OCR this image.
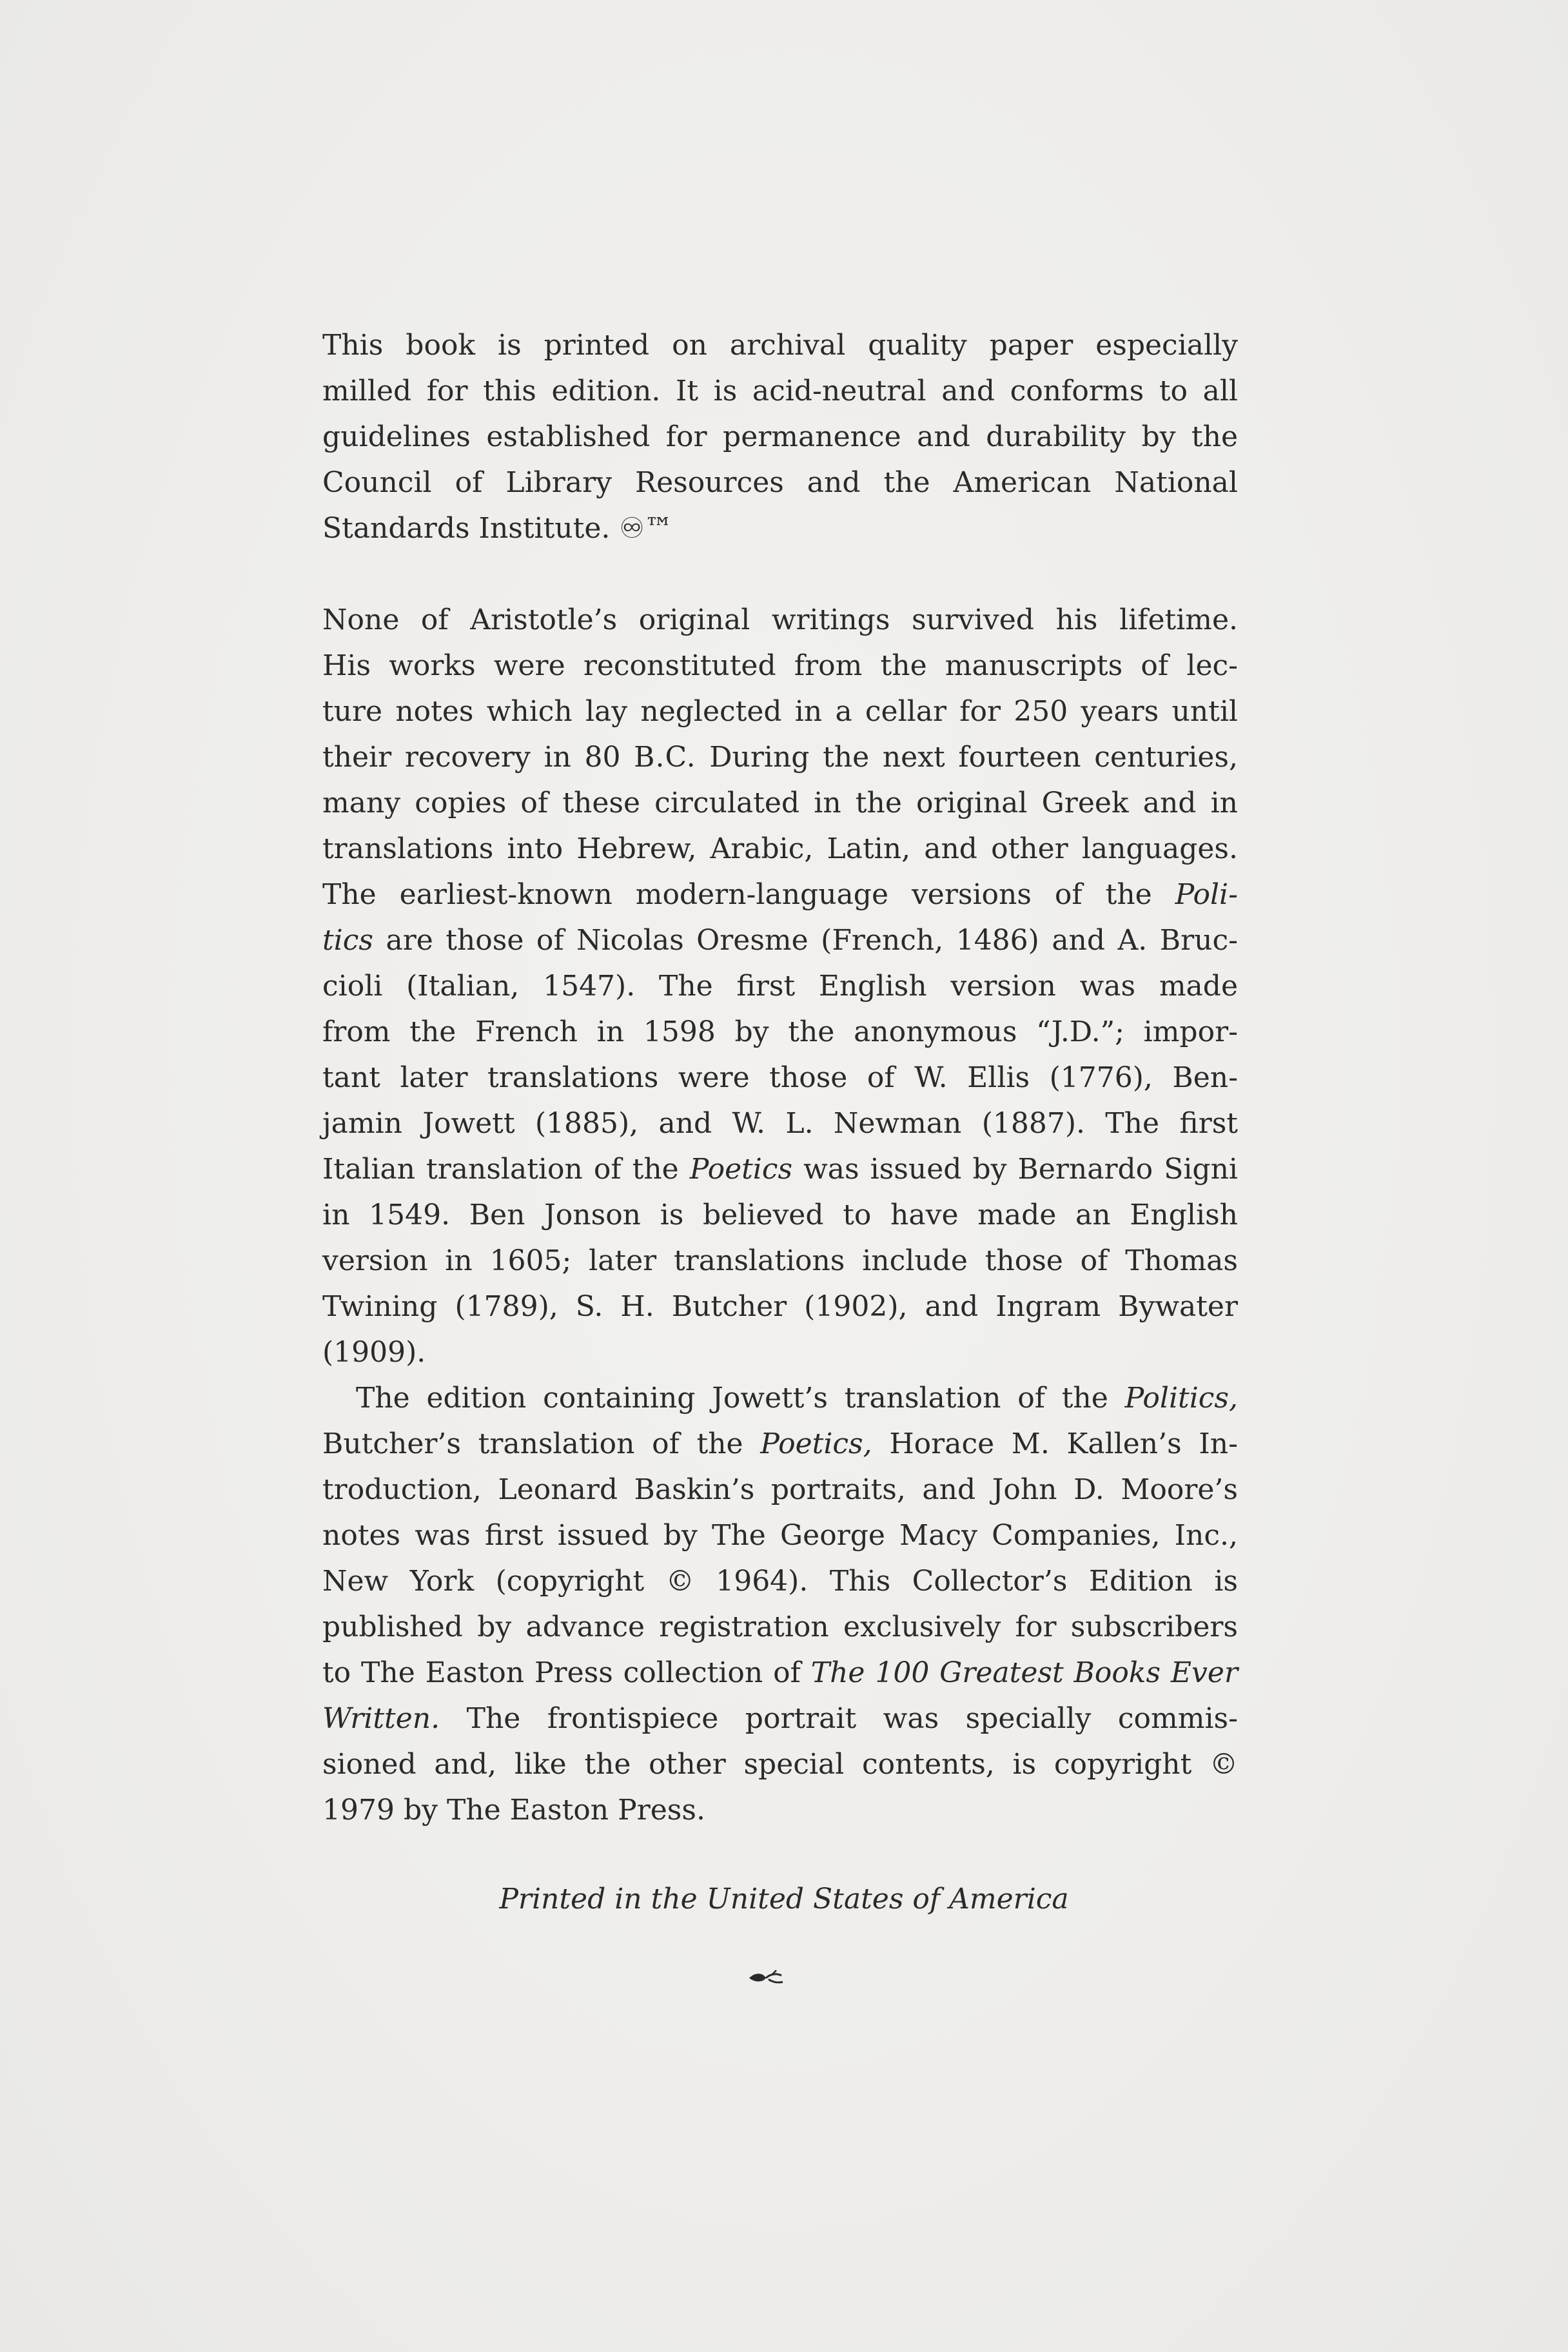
This book is printed on archival quality paper especially
milled for this edition. It is acid-neutral and conforms to all
guidelines established for permanence and durability by the
Council of Library Resources and the American National
Standards Institute. ♾™
None of Aristotle’s original writings survived his lifetime.
His works were reconstituted from the manuscripts of lec-
ture notes which lay neglected in a cellar for 250 years until
their recovery in 80 B.C. During the next fourteen centuries,
many copies of these circulated in the original Greek and in
translations into Hebrew, Arabic, Latin, and other languages.
The earliest-known modern-language versions of the Poli-
tics are those of Nicolas Oresme (French, 1486) and A. Bruc-
cioli (Italian, 1547). The first English version was made
from the French in 1598 by the anonymous “J.D.”; impor-
tant later translations were those of W. Ellis (1776), Ben-
jamin Jowett (1885), and W. L. Newman (1887). The first
Italian translation of the Poetics was issued by Bernardo Signi
in 1549. Ben Jonson is believed to have made an English
version in 1605; later translations include those of Thomas
Twining (1789), S. H. Butcher (1902), and Ingram Bywater
(1909).
The edition containing Jowett’s translation of the Politics,
Butcher’s translation of the Poetics, Horace M. Kallen’s In-
troduction, Leonard Baskin’s portraits, and John D. Moore’s
notes was first issued by The George Macy Companies, Inc.,
New York (copyright © 1964). This Collector’s Edition is
published by advance registration exclusively for subscribers
to The Easton Press collection of The 100 Greatest Books Ever
Written. The frontispiece portrait was specially commis-
sioned and, like the other special contents, is copyright ©
1979 by The Easton Press.
Printed in the United States of America
